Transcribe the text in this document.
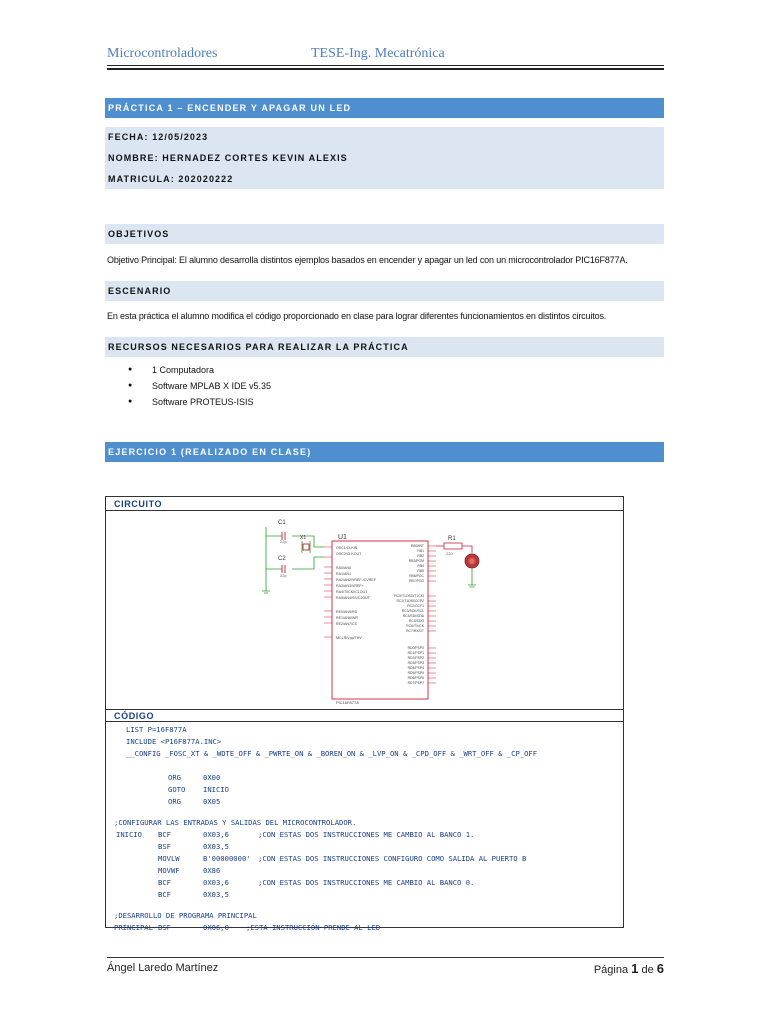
Microcontroladores	TESE-Ing. Mecatrónica
PRÁCTICA 1 – ENCENDER Y APAGAR UN LED
FECHA: 12/05/2023
NOMBRE: HERNADEZ CORTES KEVIN ALEXIS
MATRICULA: 202020222
OBJETIVOS
Objetivo Principal: El alumno desarrolla distintos ejemplos basados en encender y apagar un led con un microcontrolador PIC16F877A.
ESCENARIO
En esta práctica el alumno modifica el código proporcionado en clase para lograr diferentes funcionamientos en distintos circuitos.
RECURSOS NECESARIOS PARA REALIZAR LA PRÁCTICA
● 1 Computadora
● Software MPLAB X IDE v5.35
● Software PROTEUS-ISIS
EJERCICIO 1 (REALIZADO EN CLASE)
CIRCUITO
C1
22p
C2
22p
X1	U1
PIC16F877A
OSC1/CLKIN
OSC2/CLKOUT
RA0/AN0
RA1/AN1
RA2/AN2/VREF-/CVREF
RA3/AN3/VREF+
RA4/T0CKI/C1OUT
RA5/AN4/SS/C2OUT
RE0/AN5/RD
RE1/AN6/WR
RE2/AN7/CS
MCLR/Vpp/THV
RB0/INT
RB1
RB2
RB3/PGM
RB4
RB5
RB6/PGC
RB7/PGD
RC0/T1OSO/T1CKI
RC1/T1OSI/CCP2
RC2/CCP1
RC3/SCK/SCL
RC4/SDI/SDA
RC5/SDO
RC6/TX/CK
RC7/RX/DT
RD0/PSP0
RD1/PSP1
RD2/PSP2
RD3/PSP3
RD4/PSP4
RD5/PSP5
RD6/PSP6
RD7/PSP7
R1
220
CÓDIGO
LIST P=16F877A
INCLUDE <P16F877A.INC>
__CONFIG _FOSC_XT & _WDTE_OFF & _PWRTE_ON & _BOREN_ON & _LVP_ON & _CPD_OFF & _WRT_OFF & _CP_OFF
ORG	0X00
GOTO INICIO
ORG	0X05
;CONFIGURAR LAS ENTRADAS Y SALIDAS DEL MICROCONTROLADOR.
INICIO BCF	0X03,6	;CON ESTAS DOS INSTRUCCIONES ME CAMBIO AL BANCO 1.
BSF	0X03,5
MOVLW	B'00000000' ;CON ESTAS DOS INSTRUCCIONES CONFIGURO COMO SALIDA AL PUERTO B
MOVWF	0X86
BCF	0X03,6	;CON ESTAS DOS INSTRUCCIONES ME CAMBIO AL BANCO 0.
BCF	0X03,5
;DESARROLLO DE PROGRAMA PRINCIPAL
PRINCIPAL BSF	0X06,0 ;ESTA INSTRUCCIÓN PRENDE AL LED
Ángel Laredo Martínez	Página 1 de 6
